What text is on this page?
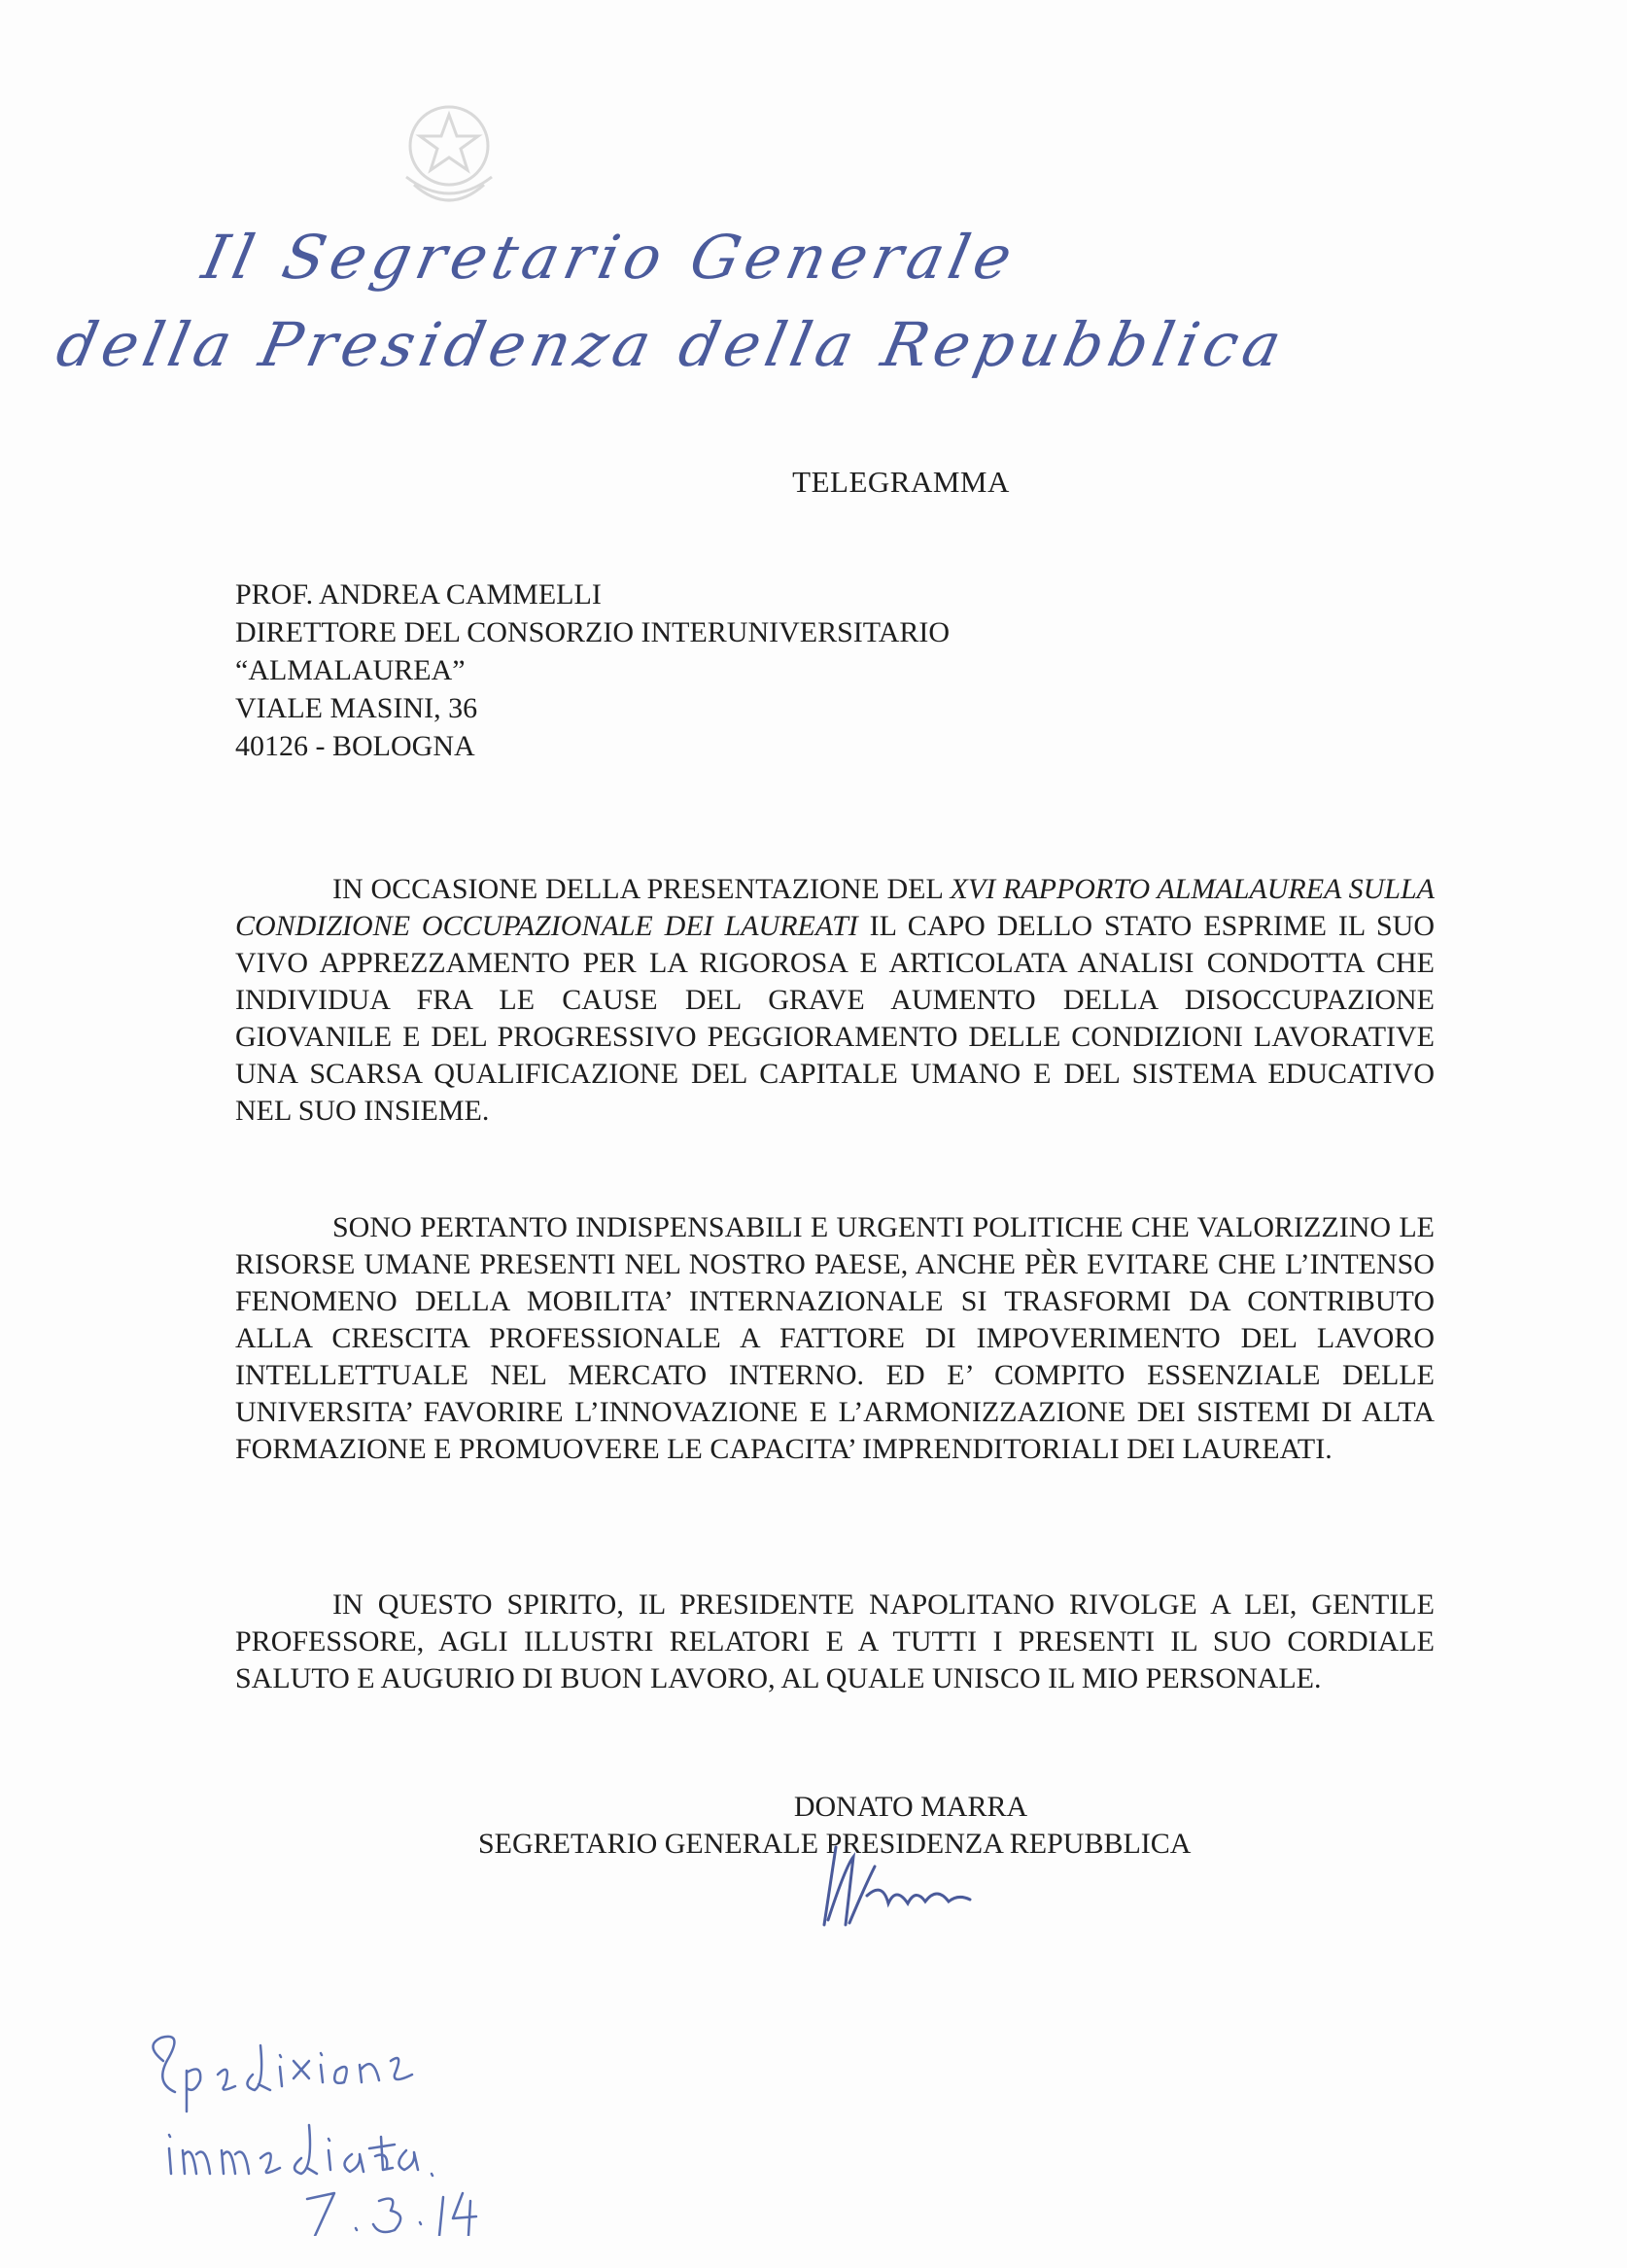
Il Segretario Generale
della Presidenza della Repubblica
TELEGRAMMA
PROF. ANDREA CAMMELLI
DIRETTORE DEL CONSORZIO INTERUNIVERSITARIO
“ALMALAUREA”
VIALE MASINI, 36
40126 - BOLOGNA
IN OCCASIONE DELLA PRESENTAZIONE DEL XVI RAPPORTO ALMALAUREA SULLA CONDIZIONE OCCUPAZIONALE DEI LAUREATI IL CAPO DELLO STATO ESPRIME IL SUO VIVO APPREZZAMENTO PER LA RIGOROSA E ARTICOLATA ANALISI CONDOTTA CHE INDIVIDUA FRA LE CAUSE DEL GRAVE AUMENTO DELLA DISOCCUPAZIONE GIOVANILE E DEL PROGRESSIVO PEGGIORAMENTO DELLE CONDIZIONI LAVORATIVE UNA SCARSA QUALIFICAZIONE DEL CAPITALE UMANO E DEL SISTEMA EDUCATIVO NEL SUO INSIEME.
SONO PERTANTO INDISPENSABILI E URGENTI POLITICHE CHE VALORIZZINO LE RISORSE UMANE PRESENTI NEL NOSTRO PAESE, ANCHE PÈR EVITARE CHE L’INTENSO FENOMENO DELLA MOBILITA’ INTERNAZIONALE SI TRASFORMI DA CONTRIBUTO ALLA CRESCITA PROFESSIONALE A FATTORE DI IMPOVERIMENTO DEL LAVORO INTELLETTUALE NEL MERCATO INTERNO. ED E’ COMPITO ESSENZIALE DELLE UNIVERSITA’ FAVORIRE L’INNOVAZIONE E L’ARMONIZZAZIONE DEI SISTEMI DI ALTA FORMAZIONE E PROMUOVERE LE CAPACITA’ IMPRENDITORIALI DEI LAUREATI.
IN QUESTO SPIRITO, IL PRESIDENTE NAPOLITANO RIVOLGE A LEI, GENTILE PROFESSORE, AGLI ILLUSTRI RELATORI E A TUTTI I PRESENTI IL SUO CORDIALE SALUTO E AUGURIO DI BUON LAVORO, AL QUALE UNISCO IL MIO PERSONALE.
DONATO MARRA
SEGRETARIO GENERALE PRESIDENZA REPUBBLICA
